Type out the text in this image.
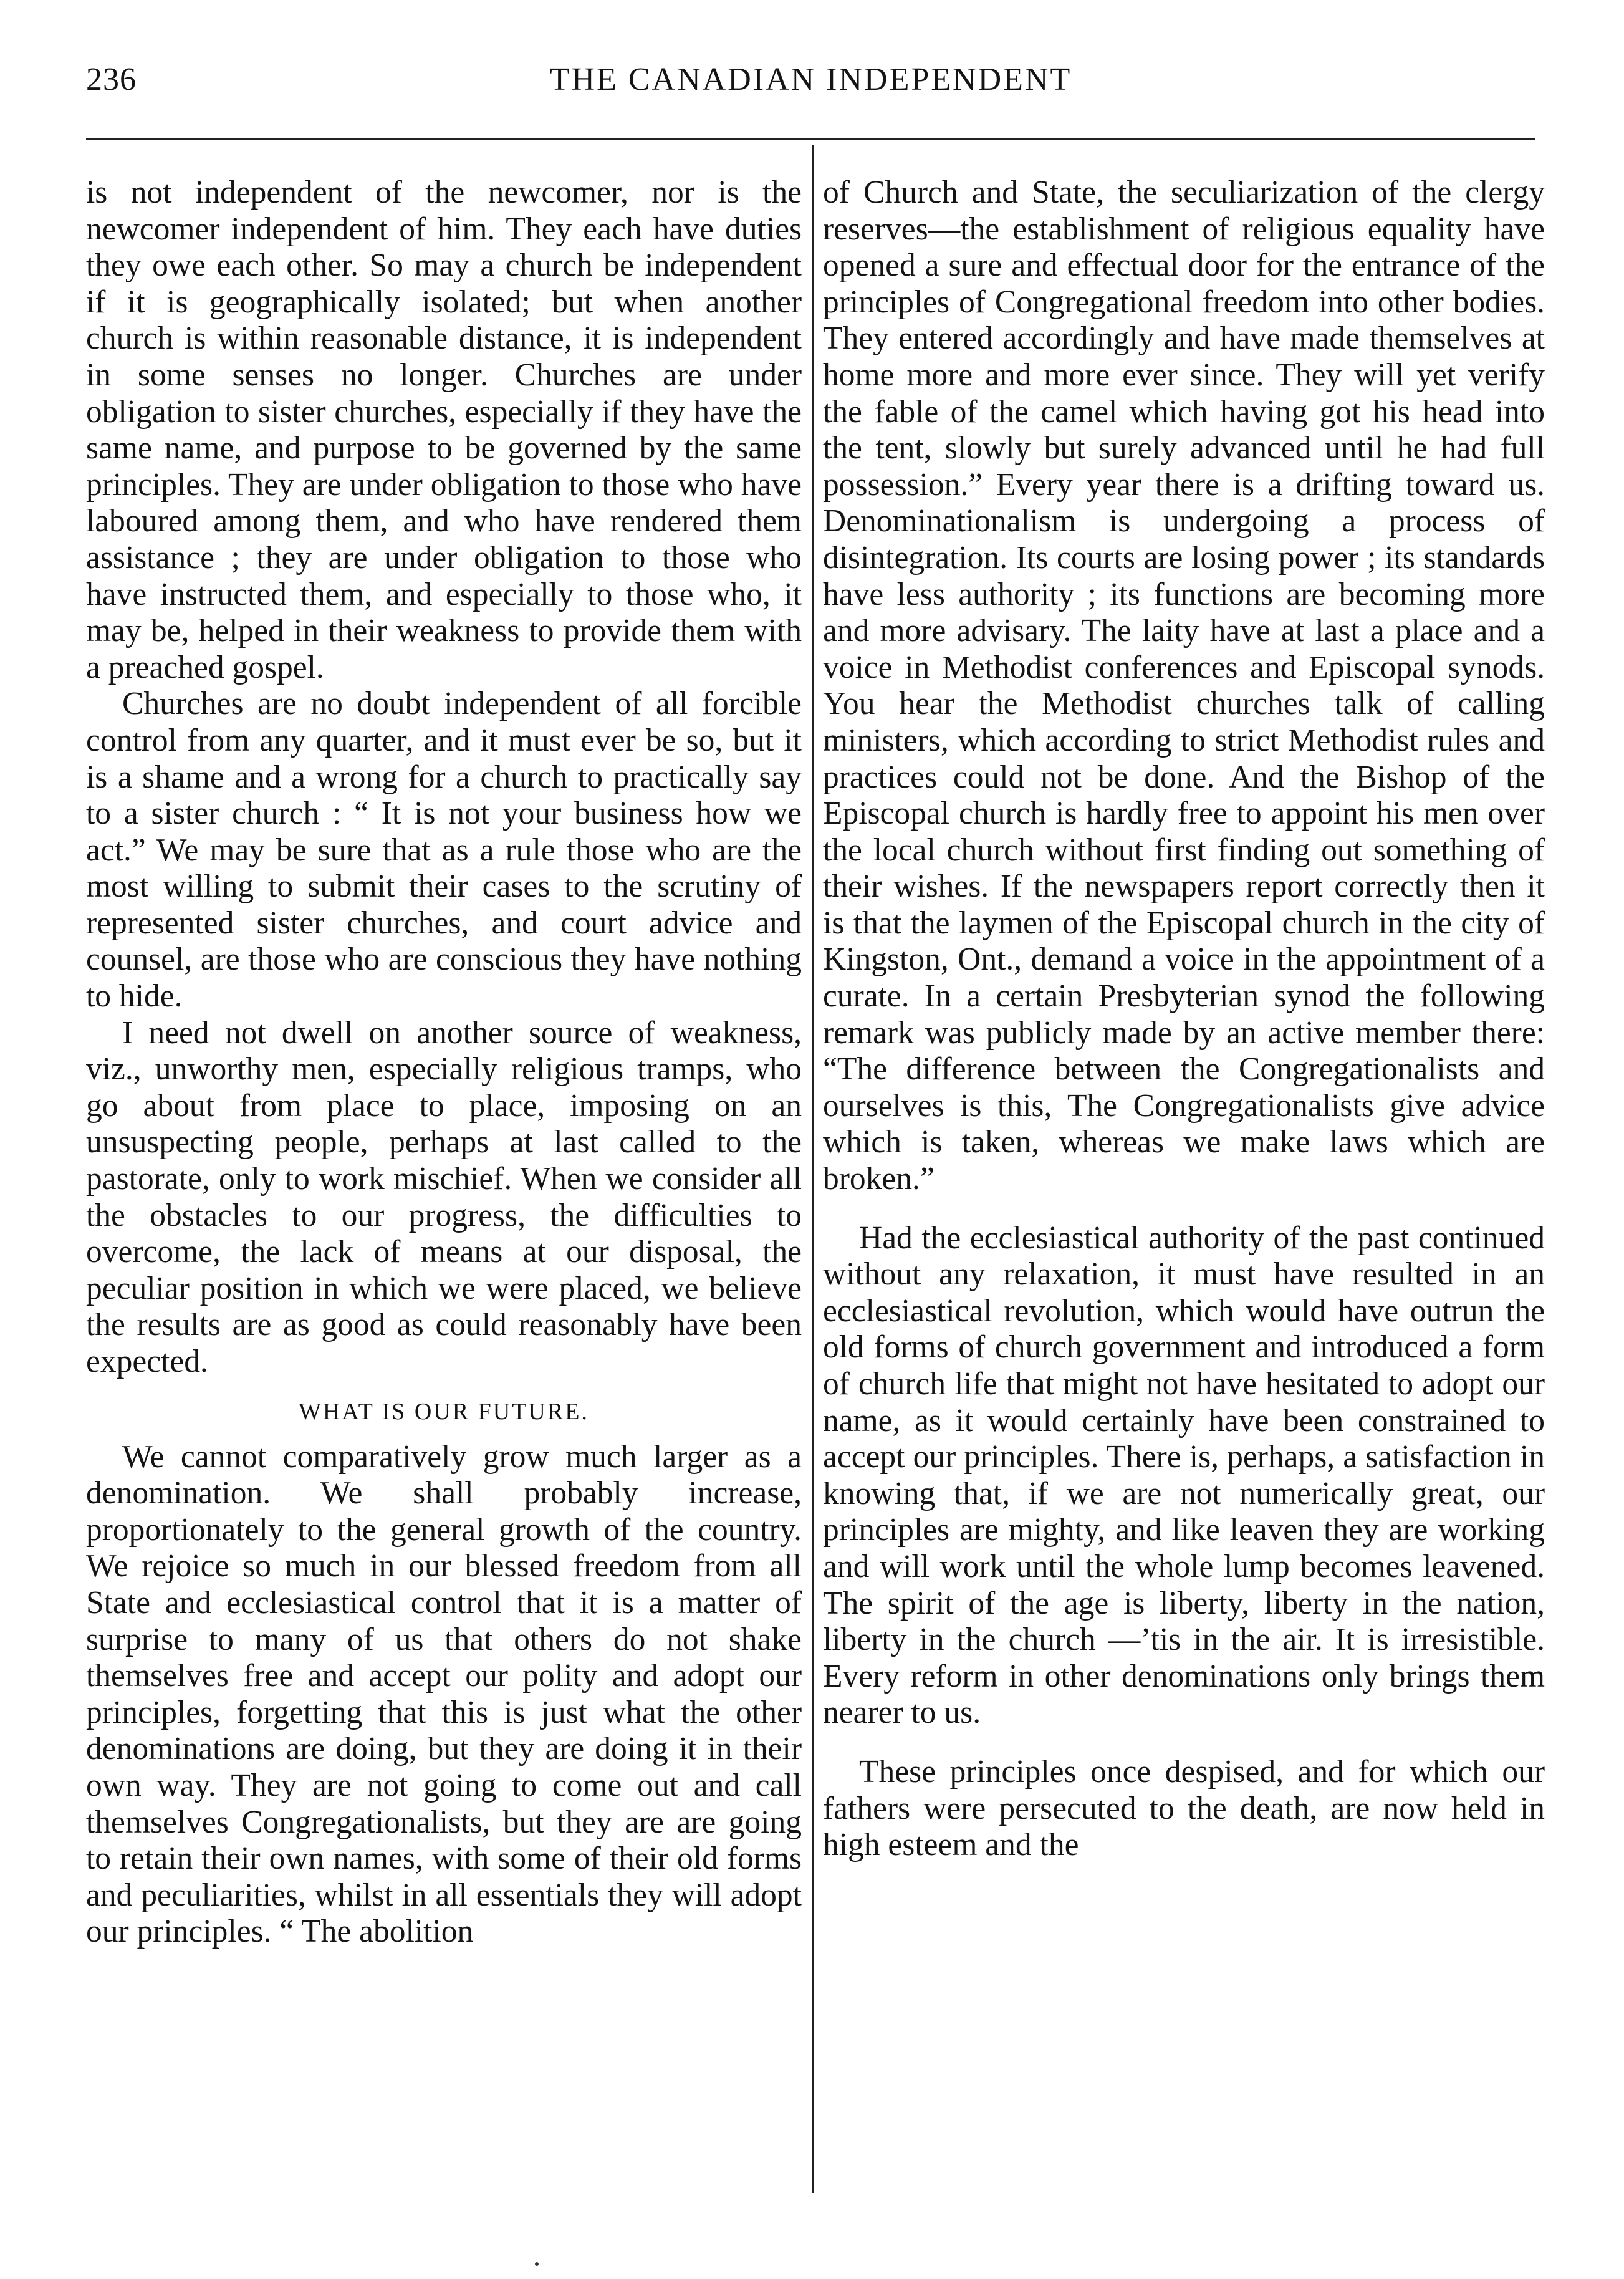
236	THE CANADIAN INDEPENDENT

is not independent of the newcomer, nor is the newcomer independent of him. They each have duties they owe each other. So may a church be independent if it is geographically isolated; but when another church is within reasonable distance, it is independent in some senses no longer. Churches are under obligation to sister churches, especially if they have the same name, and purpose to be governed by the same principles. They are under obligation to those who have laboured among them, and who have rendered them assistance ; they are under obligation to those who have instructed them, and especially to those who, it may be, helped in their weakness to provide them with a preached gospel.

Churches are no doubt independent of all forcible control from any quarter, and it must ever be so, but it is a shame and a wrong for a church to practically say to a sister church : “ It is not your business how we act.” We may be sure that as a rule those who are the most willing to submit their cases to the scrutiny of represented sister churches, and court advice and counsel, are those who are conscious they have nothing to hide.

I need not dwell on another source of weakness, viz., unworthy men, especially religious tramps, who go about from place to place, imposing on an unsuspecting people, perhaps at last called to the pastorate, only to work mischief. When we consider all the obstacles to our progress, the difficulties to overcome, the lack of means at our disposal, the peculiar position in which we were placed, we believe the results are as good as could reasonably have been expected.

WHAT IS OUR FUTURE.

We cannot comparatively grow much larger as a denomination. We shall probably increase, proportionately to the general growth of the country. We rejoice so much in our blessed freedom from all State and ecclesiastical control that it is a matter of surprise to many of us that others do not shake themselves free and accept our polity and adopt our principles, forgetting that this is just what the other denominations are doing, but they are doing it in their own way. They are not going to come out and call themselves Congregationalists, but they are are going to retain their own names, with some of their old forms and peculiarities, whilst in all essentials they will adopt our principles. “ The abolition

of Church and State, the seculiarization of the clergy reserves—the establishment of religious equality have opened a sure and effectual door for the entrance of the principles of Congregational freedom into other bodies. They entered accordingly and have made themselves at home more and more ever since. They will yet verify the fable of the camel which having got his head into the tent, slowly but surely advanced until he had full possession.” Every year there is a drifting toward us. Denominationalism is undergoing a process of disintegration. Its courts are losing power ; its standards have less authority ; its functions are becoming more and more advisary. The laity have at last a place and a voice in Methodist conferences and Episcopal synods. You hear the Methodist churches talk of calling ministers, which according to strict Methodist rules and practices could not be done. And the Bishop of the Episcopal church is hardly free to appoint his men over the local church without first finding out something of their wishes. If the newspapers report correctly then it is that the laymen of the Episcopal church in the city of Kingston, Ont., demand a voice in the appointment of a curate. In a certain Presbyterian synod the following remark was publicly made by an active member there: “The difference between the Congregationalists and ourselves is this, The Congregationalists give advice which is taken, whereas we make laws which are broken.”

Had the ecclesiastical authority of the past continued without any relaxation, it must have resulted in an ecclesiastical revolution, which would have outrun the old forms of church government and introduced a form of church life that might not have hesitated to adopt our name, as it would certainly have been constrained to accept our principles. There is, perhaps, a satisfaction in knowing that, if we are not numerically great, our principles are mighty, and like leaven they are working and will work until the whole lump becomes leavened. The spirit of the age is liberty, liberty in the nation, liberty in the church —’tis in the air. It is irresistible. Every reform in other denominations only brings them nearer to us.

These principles once despised, and for which our fathers were persecuted to the death, are now held in high esteem and the
